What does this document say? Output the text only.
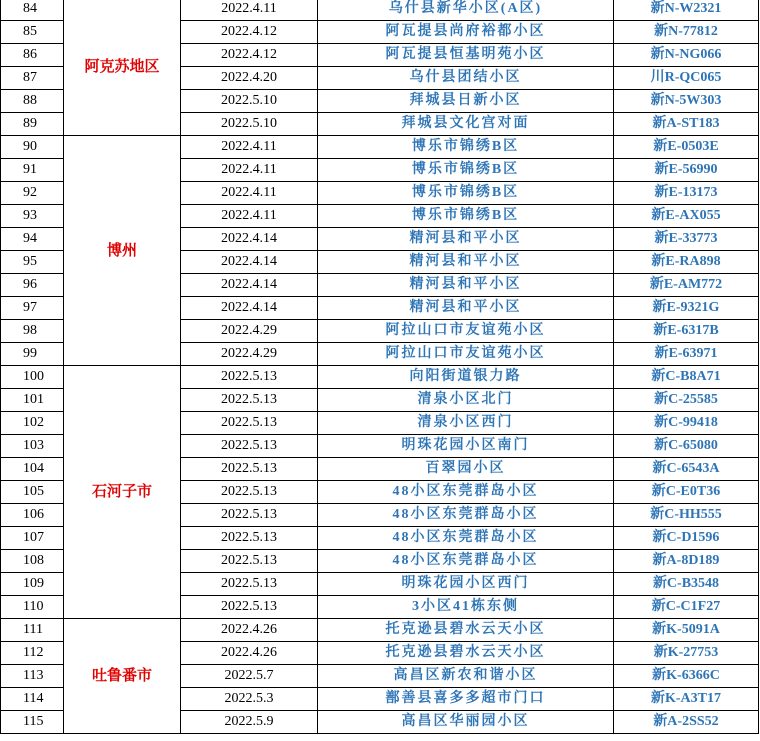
84	阿克苏地区	2022.4.11	乌什县新华小区(A区)	新N-W2321
85		2022.4.12	阿瓦提县尚府裕都小区	新N-77812
86		2022.4.12	阿瓦提县恒基明苑小区	新N-NG066
87		2022.4.20	乌什县团结小区	川R-QC065
88		2022.5.10	拜城县日新小区	新N-5W303
89		2022.5.10	拜城县文化宫对面	新A-ST183
90	博州	2022.4.11	博乐市锦绣B区	新E-0503E
91		2022.4.11	博乐市锦绣B区	新E-56990
92		2022.4.11	博乐市锦绣B区	新E-13173
93		2022.4.11	博乐市锦绣B区	新E-AX055
94		2022.4.14	精河县和平小区	新E-33773
95		2022.4.14	精河县和平小区	新E-RA898
96		2022.4.14	精河县和平小区	新E-AM772
97		2022.4.14	精河县和平小区	新E-9321G
98		2022.4.29	阿拉山口市友谊苑小区	新E-6317B
99		2022.4.29	阿拉山口市友谊苑小区	新E-63971
100	石河子市	2022.5.13	向阳街道银力路	新C-B8A71
101		2022.5.13	清泉小区北门	新C-25585
102		2022.5.13	清泉小区西门	新C-99418
103		2022.5.13	明珠花园小区南门	新C-65080
104		2022.5.13	百翠园小区	新C-6543A
105		2022.5.13	48小区东莞群岛小区	新C-E0T36
106		2022.5.13	48小区东莞群岛小区	新C-HH555
107		2022.5.13	48小区东莞群岛小区	新C-D1596
108		2022.5.13	48小区东莞群岛小区	新A-8D189
109		2022.5.13	明珠花园小区西门	新C-B3548
110		2022.5.13	3小区41栋东侧	新C-C1F27
111	吐鲁番市	2022.4.26	托克逊县碧水云天小区	新K-5091A
112		2022.4.26	托克逊县碧水云天小区	新K-27753
113		2022.5.7	高昌区新农和谐小区	新K-6366C
114		2022.5.3	鄯善县喜多多超市门口	新K-A3T17
115		2022.5.9	高昌区华丽园小区	新A-2SS52
